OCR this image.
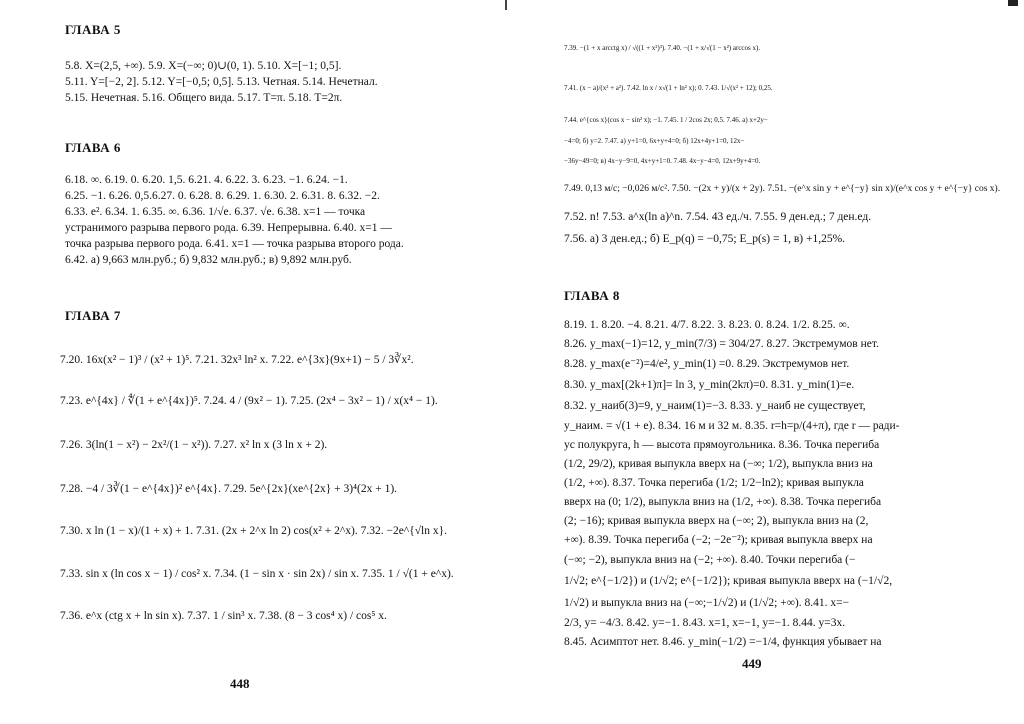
ГЛАВА 5
5.8. X=(2,5, +∞). 5.9. X=(−∞; 0)∪(0, 1). 5.10. X=[−1; 0,5].
5.11. Y=[−2, 2]. 5.12. Y=[−0,5; 0,5]. 5.13. Четная. 5.14. Нечетнал.
5.15. Нечетная. 5.16. Общего вида. 5.17. T=π. 5.18. T=2π.
ГЛАВА 6
6.18. ∞. 6.19. 0. 6.20. 1,5. 6.21. 4. 6.22. 3. 6.23. −1. 6.24. −1.
6.25. −1. 6.26. 0,5.6.27. 0. 6.28. 8. 6.29. 1. 6.30. 2. 6.31. 8. 6.32. −2.
6.33. e². 6.34. 1. 6.35. ∞. 6.36. 1/√e. 6.37. √e. 6.38. x=1 — точка
устранимого разрыва первого рода. 6.39. Непрерывна. 6.40. x=1 —
точка разрыва первого рода. 6.41. x=1 — точка разрыва второго рода.
6.42. а) 9,663 млн.руб.; б) 9,832 млн.руб.; в) 9,892 млн.руб.
ГЛАВА 7
7.20. 16x(x² − 1)³ / (x² + 1)⁵. 7.21. 32x³ ln² x. 7.22. e^{3x}(9x+1) − 5 / 3∛x².
7.23. e^{4x} / ∜(1 + e^{4x})⁵. 7.24. 4 / (9x² − 1). 7.25. (2x⁴ − 3x² − 1) / x(x⁴ − 1).
7.26. 3(ln(1 − x²) − 2x²/(1 − x²)). 7.27. x² ln x (3 ln x + 2).
7.28. −4 / 3∛(1 − e^{4x})² e^{4x}. 7.29. 5e^{2x}(xe^{2x} + 3)⁴(2x + 1).
7.30. x ln (1 − x)/(1 + x) + 1. 7.31. (2x + 2^x ln 2) cos(x² + 2^x). 7.32. −2e^{√ln x}.
7.33. sin x (ln cos x − 1) / cos² x. 7.34. (1 − sin x · sin 2x) / sin x. 7.35. 1 / √(1 + e^x).
7.36. e^x (ctg x + ln sin x). 7.37. 1 / sin³ x. 7.38. (8 − 3 cos⁴ x) / cos⁵ x.
448
7.39. −(1 + x arcctg x) / √((1 + x²)³). 7.40. −(1 + x/√(1 − x²) arccos x).
7.41. (x − a)/(x² + a²). 7.42. ln x / x√(1 + ln² x); 0. 7.43. 1/√(x² + 12); 0,25.
7.44. e^{cos x}(cos x − sin² x); −1. 7.45. 1 / 2cos 2x; 0,5. 7.46. а) x+2y−
−4=0; б) y=2. 7.47. а) y+1=0, 6x+y+4=0; б) 12x+4y+1=0, 12x−
−36y−49=0; в) 4x−y−9=0, 4x+y+1=0. 7.48. 4x−y−4=0, 12x+9y+4=0.
7.49. 0,13 м/с; −0,026 м/с². 7.50. −(2x + y)/(x + 2y). 7.51. −(e^x sin y + e^{−y} sin x)/(e^x cos y + e^{−y} cos x).
7.52. n! 7.53. a^x(ln a)^n. 7.54. 43 ед./ч. 7.55. 9 ден.ед.; 7 ден.ед.
7.56. а) 3 ден.ед.; б) E_p(q) = −0,75; E_p(s) = 1, в) +1,25%.
ГЛАВА 8
8.19. 1. 8.20. −4. 8.21. 4/7. 8.22. 3. 8.23. 0. 8.24. 1/2. 8.25. ∞.
8.26. y_max(−1)=12, y_min(7/3) = 304/27. 8.27. Экстремумов нет.
8.28. y_max(e⁻²)=4/e², y_min(1) =0. 8.29. Экстремумов нет.
8.30. y_max[(2k+1)π]= ln 3, y_min(2kπ)=0. 8.31. y_min(1)=e.
8.32. y_наиб(3)=9, y_наим(1)=−3. 8.33. y_наиб не существует,
y_наим. = √(1 + e). 8.34. 16 м и 32 м. 8.35. r=h=p/(4+π), где r — ради-
ус полукруга, h — высота прямоугольника. 8.36. Точка перегиба
(1/2, 29/2), кривая выпукла вверх на (−∞; 1/2), выпукла вниз на
(1/2, +∞). 8.37. Точка перегиба (1/2; 1/2−ln2); кривая выпукла
вверх на (0; 1/2), выпукла вниз на (1/2, +∞). 8.38. Точка перегиба
(2; −16); кривая выпукла вверх на (−∞; 2), выпукла вниз на (2,
+∞). 8.39. Точка перегиба (−2; −2e⁻²); кривая выпукла вверх на
(−∞; −2), выпукла вниз на (−2; +∞). 8.40. Точки перегиба (−
1/√2; e^{−1/2}) и (1/√2; e^{−1/2}); кривая выпукла вверх на (−1/√2,
1/√2) и выпукла вниз на (−∞;−1/√2) и (1/√2; +∞). 8.41. x=−
2/3, y= −4/3. 8.42. y=−1. 8.43. x=1, x=−1, y=−1. 8.44. y=3x.
8.45. Асимптот нет. 8.46. y_min(−1/2) =−1/4, функция убывает на
449
